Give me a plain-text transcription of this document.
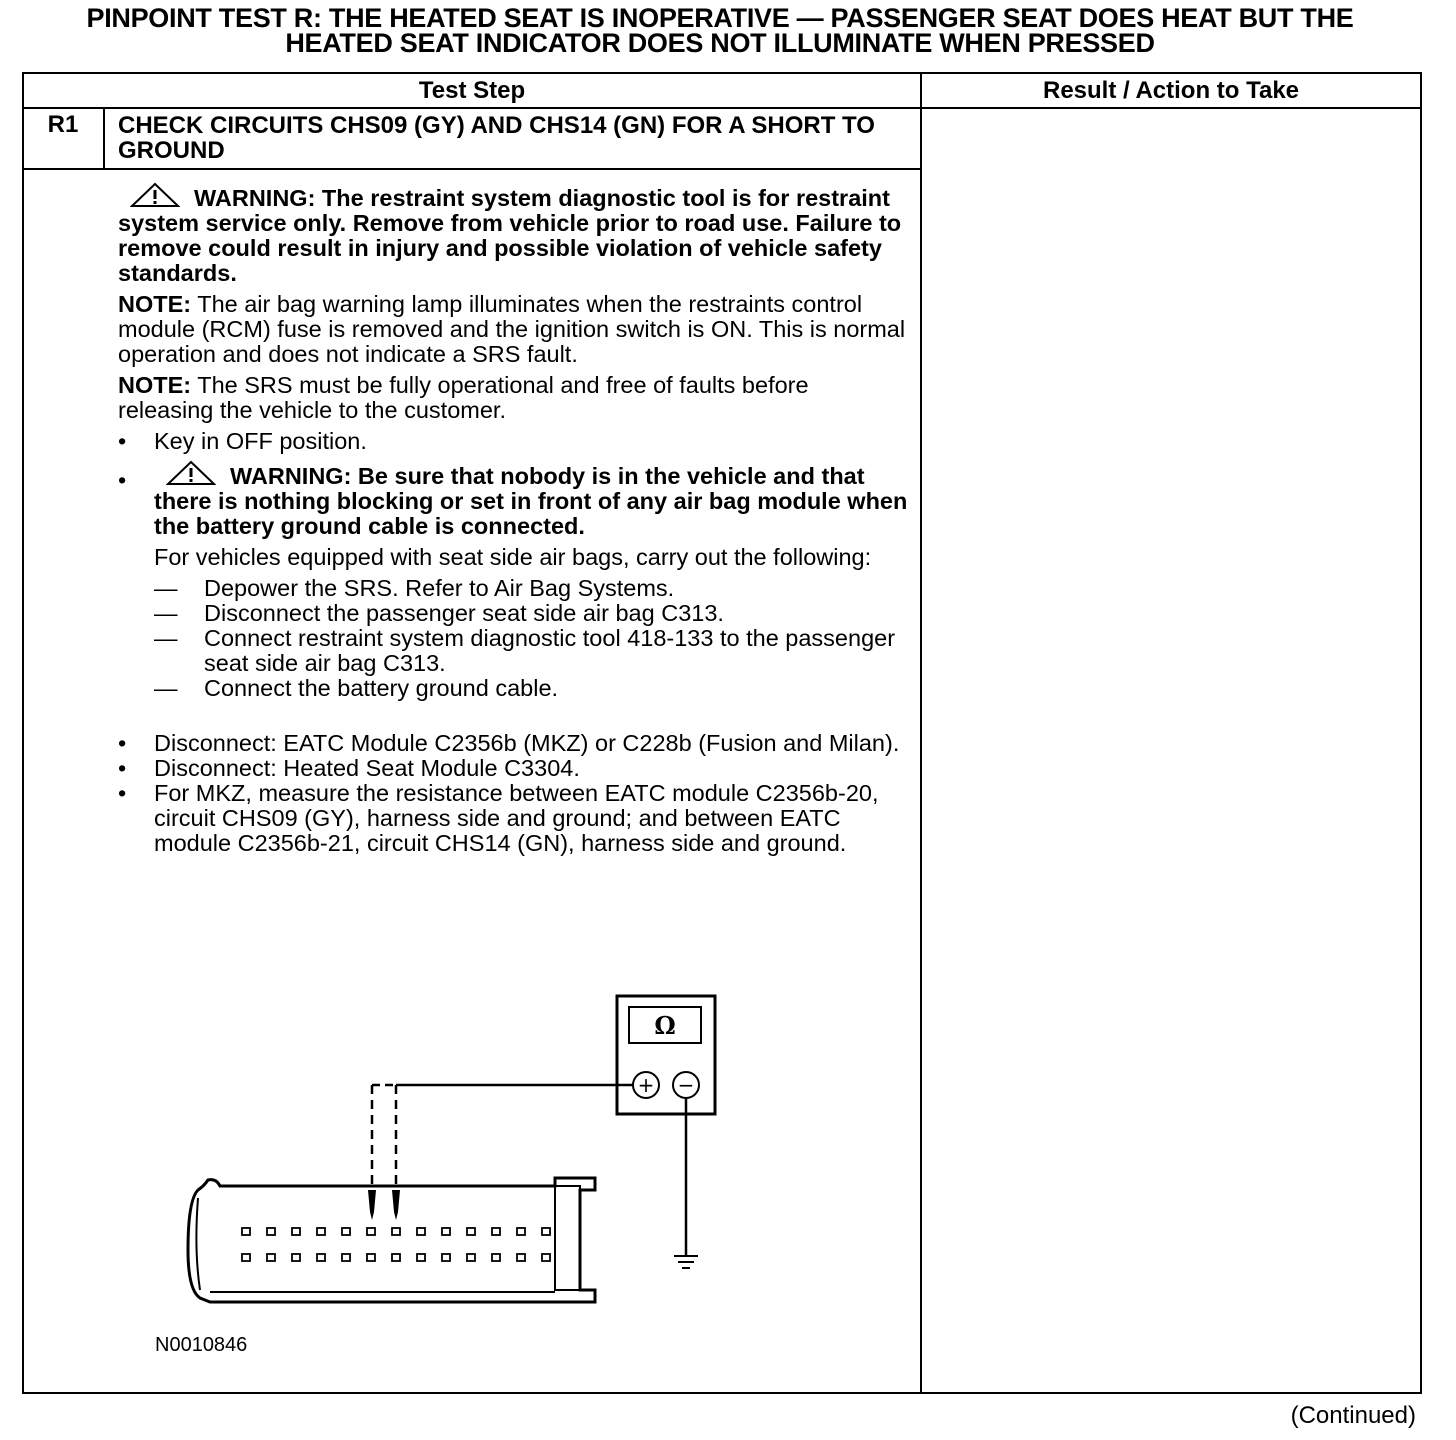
PINPOINT TEST R: THE HEATED SEAT IS INOPERATIVE — PASSENGER SEAT DOES HEAT BUT THE
HEATED SEAT INDICATOR DOES NOT ILLUMINATE WHEN PRESSED
Test Step	Result / Action to Take
R1	CHECK CIRCUITS CHS09 (GY) AND CHS14 (GN) FOR A SHORT TO GROUND

WARNING: The restraint system diagnostic tool is for restraint system service only. Remove from vehicle prior to road use. Failure to remove could result in injury and possible violation of vehicle safety standards.

NOTE: The air bag warning lamp illuminates when the restraints control module (RCM) fuse is removed and the ignition switch is ON. This is normal operation and does not indicate a SRS fault.

NOTE: The SRS must be fully operational and free of faults before releasing the vehicle to the customer.

•	Key in OFF position.

•	WARNING: Be sure that nobody is in the vehicle and that there is nothing blocking or set in front of any air bag module when the battery ground cable is connected.

For vehicles equipped with seat side air bags, carry out the following:

— Depower the SRS. Refer to Air Bag Systems.

— Disconnect the passenger seat side air bag C313.

— Connect restraint system diagnostic tool 418-133 to the passenger seat side air bag C313.

— Connect the battery ground cable.

•	Disconnect: EATC Module C2356b (MKZ) or C228b (Fusion and Milan).

•	Disconnect: Heated Seat Module C3304.

•	For MKZ, measure the resistance between EATC module C2356b-20, circuit CHS09 (GY), harness side and ground; and between EATC module C2356b-21, circuit CHS14 (GN), harness side and ground.

Ω
+ −
N0010846
(Continued)
